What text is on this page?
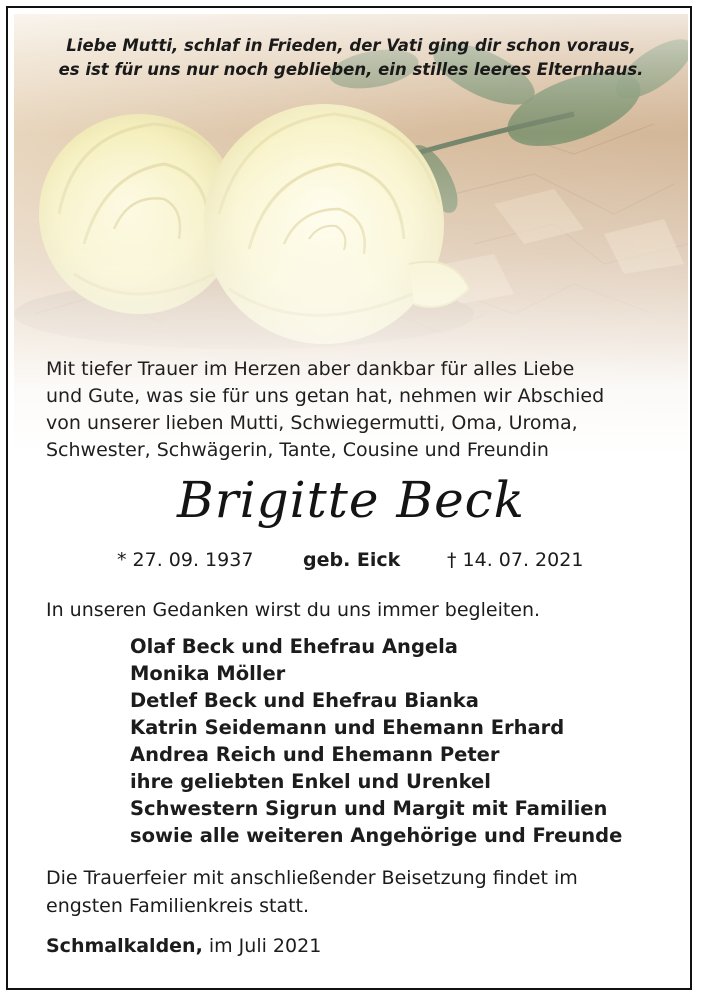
Liebe Mutti, schlaf in Frieden, der Vati ging dir schon voraus,
es ist für uns nur noch geblieben, ein stilles leeres Elternhaus.
Mit tiefer Trauer im Herzen aber dankbar für alles Liebe
und Gute, was sie für uns getan hat, nehmen wir Abschied
von unserer lieben Mutti, Schwiegermutti, Oma, Uroma,
Schwester, Schwägerin, Tante, Cousine und Freundin
Brigitte Beck
* 27. 09. 1937	geb. Eick † 14. 07. 2021
In unseren Gedanken wirst du uns immer begleiten.
Olaf Beck und Ehefrau Angela
Monika Möller
Detlef Beck und Ehefrau Bianka
Katrin Seidemann und Ehemann Erhard
Andrea Reich und Ehemann Peter
ihre geliebten Enkel und Urenkel
Schwestern Sigrun und Margit mit Familien
sowie alle weiteren Angehörige und Freunde
Die Trauerfeier mit anschließender Beisetzung findet im
engsten Familienkreis statt.
Schmalkalden, im Juli 2021
